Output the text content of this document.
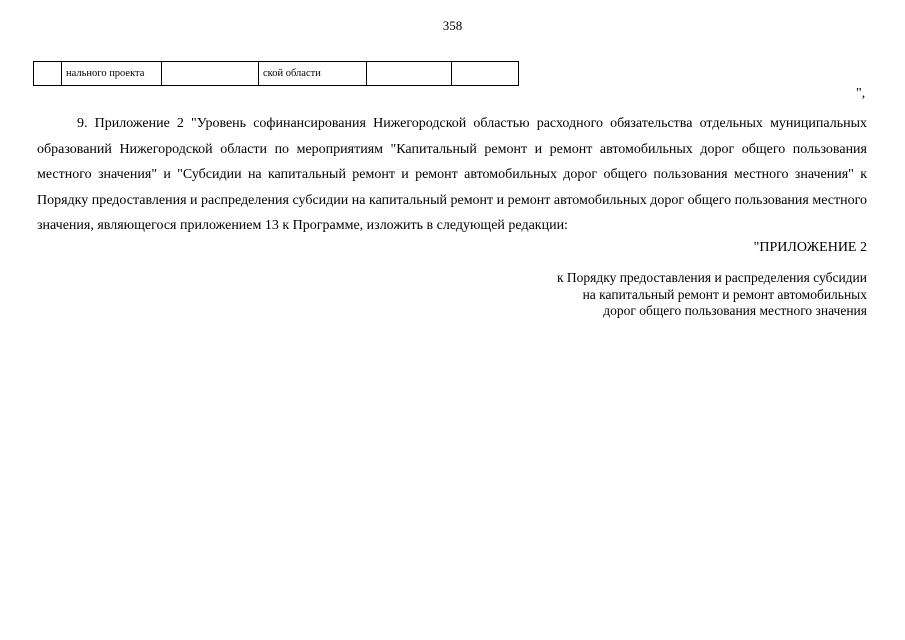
358
	нального проекта		ской области		
",

9. Приложение 2 "Уровень софинансирования Нижегородской областью расходного обязательства отдельных муниципальных образований Нижегородской области по мероприятиям "Капитальный ремонт и ремонт автомобильных дорог общего пользования местного значения" и "Субсидии на капитальный ремонт и ремонт автомобильных дорог общего пользования местного значения" к Порядку предоставления и распределения субсидии на капитальный ремонт и ремонт автомобильных дорог общего пользования местного значения, являющегося приложением 13 к Программе, изложить в следующей редакции:

"ПРИЛОЖЕНИЕ 2
к Порядку предоставления и распределения субсидии
на капитальный ремонт и ремонт автомобильных
дорог общего пользования местного значения
